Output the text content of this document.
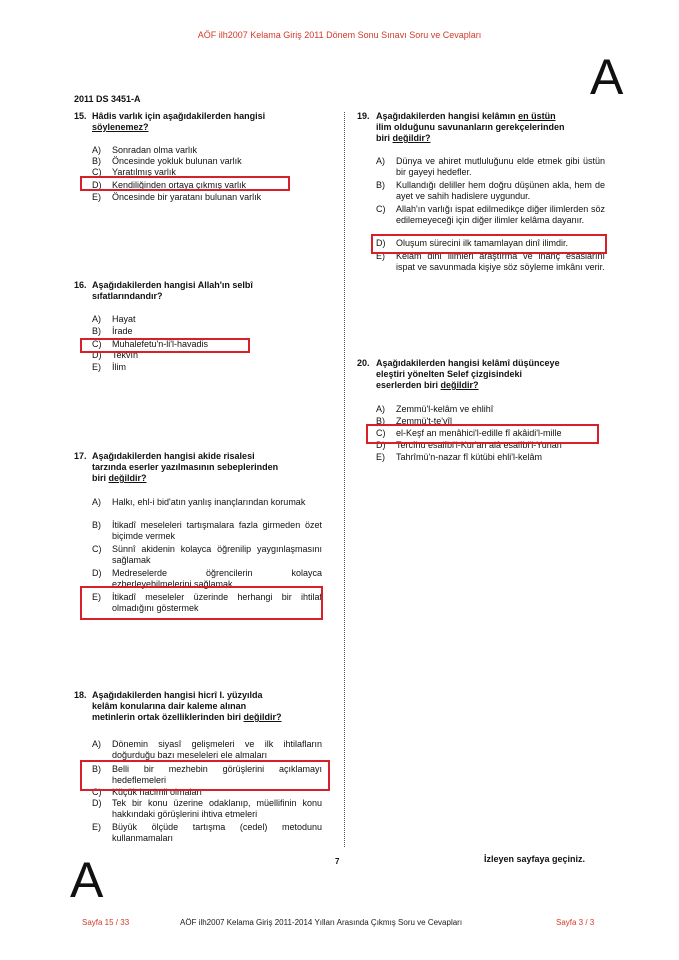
AÖF ilh2007 Kelama Giriş 2011 Dönem Sonu Sınavı Soru ve Cevapları
A
2011 DS 3451-A
15. Hâdis varlık için aşağıdakilerden hangisi
söylenemez?
A) Sonradan olma varlık
B) Öncesinde yokluk bulunan varlık
C) Yaratılmış varlık
D) Kendiliğinden ortaya çıkmış varlık
E) Öncesinde bir yaratanı bulunan varlık
16. Aşağıdakilerden hangisi Allah'ın selbî
sıfatlarındandır?
A) Hayat
B) İrade
C) Muhalefetu'n-li'l-havadis
D) Tekvîn
E) İlim
17. Aşağıdakilerden hangisi akide risalesi
tarzında eserler yazılmasının sebeplerinden
biri değildir?
A) Halkı, ehl-i bid'atın yanlış inançlarından korumak
B) İtikadî meseleleri tartışmalara fazla girmeden özet biçimde vermek
C) Sünnî akidenin kolayca öğrenilip yaygınlaşmasını sağlamak
D) Medreselerde öğrencilerin kolayca ezberleyebilmelerini sağlamak
E) İtikadî meseleler üzerinde herhangi bir ihtilaf olmadığını göstermek
18. Aşağıdakilerden hangisi hicrî I. yüzyılda
kelâm konularına dair kaleme alınan
metinlerin ortak özelliklerinden biri değildir?
A) Dönemin siyasî gelişmeleri ve ilk ihtilafların doğurduğu bazı meseleleri ele almaları
B) Belli bir mezhebin görüşlerini açıklamayı hedeflemeleri
C) Küçük hacimli olmaları
D) Tek bir konu üzerine odaklanıp, müellifinin konu hakkındaki görüşlerini ihtiva etmeleri
E) Büyük ölçüde tartışma (cedel) metodunu kullanmamaları
19. Aşağıdakilerden hangisi kelâmın en üstün
ilim olduğunu savunanların gerekçelerinden
biri değildir?
A) Dünya ve ahiret mutluluğunu elde etmek gibi üstün bir gayeyi hedefler.
B) Kullandığı deliller hem doğru düşünen akla, hem de ayet ve sahih hadislere uygundur.
C) Allah'ın varlığı ispat edilmedikçe diğer ilimlerden söz edilemeyeceği için diğer ilimler kelâma dayanır.
D) Oluşum sürecini ilk tamamlayan dinî ilimdir.
E) Kelâm dinî ilimleri araştırma ve inanç esaslarını ispat ve savunmada kişiye söz söyleme imkânı verir.
20. Aşağıdakilerden hangisi kelâmî düşünceye
eleştiri yönelten Selef çizgisindeki
eserlerden biri değildir?
A) Zemmü'l-kelâm ve ehlihî
B) Zemmü't-te'vîl
C) el-Keşf an menâhici'l-edille fî akâidi'l-mille
D) Tercîhu esalîbi'l-Kur'an alâ esalîbi'l-Yunan
E) Tahrîmü'n-nazar fî kütübi ehli'l-kelâm
A	7	İzleyen sayfaya geçiniz.
Sayfa 15 / 33	AÖF ilh2007 Kelama Giriş 2011-2014 Yılları Arasında Çıkmış Soru ve Cevapları	Sayfa 3 / 3
